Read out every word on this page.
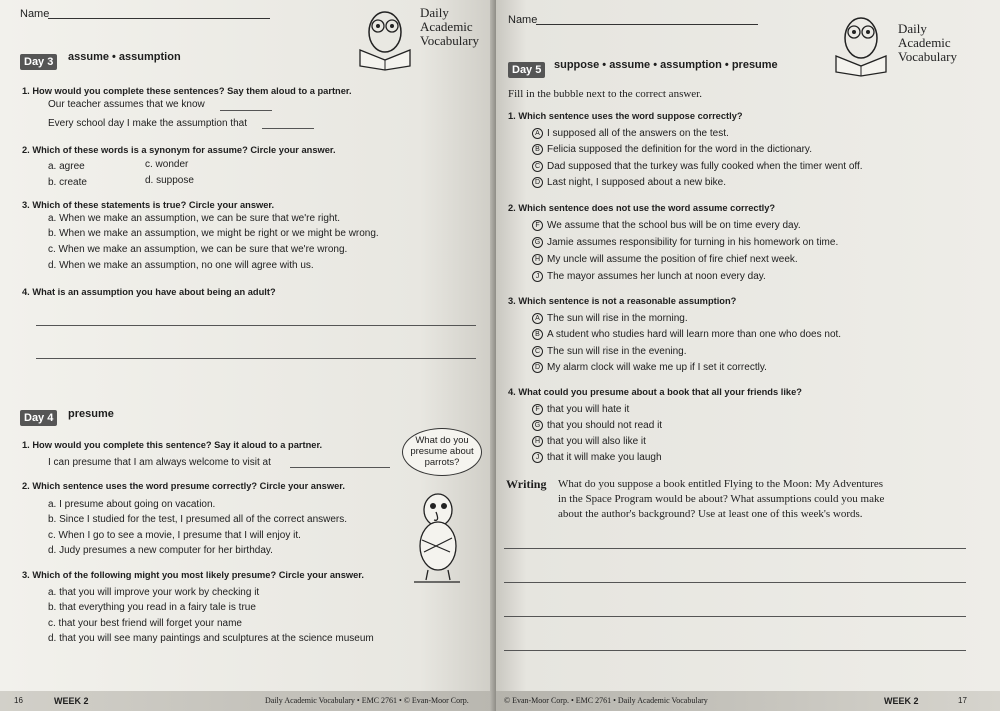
Name	Daily
Academic
Vocabulary
Day 3	assume • assumption
1. How would you complete these sentences? Say them aloud to a partner.
Our teacher assumes that we know
Every school day I make the assumption that
2. Which of these words is a synonym for assume? Circle your answer.
a. agree	c. wonder
b. create	d. suppose
3. Which of these statements is true? Circle your answer.
a. When we make an assumption, we can be sure that we're right.
b. When we make an assumption, we might be right or we might be wrong.
c. When we make an assumption, we can be sure that we're wrong.
d. When we make an assumption, no one will agree with us.
4. What is an assumption you have about being an adult?
Day 4	presume
1. How would you complete this sentence? Say it aloud to a partner.
I can presume that I am always welcome to visit at
What do you
presume about
parrots?
2. Which sentence uses the word presume correctly? Circle your answer.
a. I presume about going on vacation.
b. Since I studied for the test, I presumed all of the correct answers.
c. When I go to see a movie, I presume that I will enjoy it.
d. Judy presumes a new computer for her birthday.
3. Which of the following might you most likely presume? Circle your answer.
a. that you will improve your work by checking it
b. that everything you read in a fairy tale is true
c. that your best friend will forget your name
d. that you will see many paintings and sculptures at the science museum
16	WEEK 2	Daily Academic Vocabulary • EMC 2761 • © Evan-Moor Corp.
Name
Daily
Academic
Vocabulary
Day 5	suppose • assume • assumption • presume
Fill in the bubble next to the correct answer.
1. Which sentence uses the word suppose correctly?
A I supposed all of the answers on the test.
B Felicia supposed the definition for the word in the dictionary.
C Dad supposed that the turkey was fully cooked when the timer went off.
D Last night, I supposed about a new bike.
2. Which sentence does not use the word assume correctly?
F We assume that the school bus will be on time every day.
G Jamie assumes responsibility for turning in his homework on time.
H My uncle will assume the position of fire chief next week.
J The mayor assumes her lunch at noon every day.
3. Which sentence is not a reasonable assumption?
A The sun will rise in the morning.
B A student who studies hard will learn more than one who does not.
C The sun will rise in the evening.
D My alarm clock will wake me up if I set it correctly.
4. What could you presume about a book that all your friends like?
F that you will hate it
G that you should not read it
H that you will also like it
J that it will make you laugh
Writing What do you suppose a book entitled Flying to the Moon: My Adventures
in the Space Program would be about? What assumptions could you make
about the author's background? Use at least one of this week's words.
© Evan-Moor Corp. • EMC 2761 • Daily Academic Vocabulary	WEEK 2	17
